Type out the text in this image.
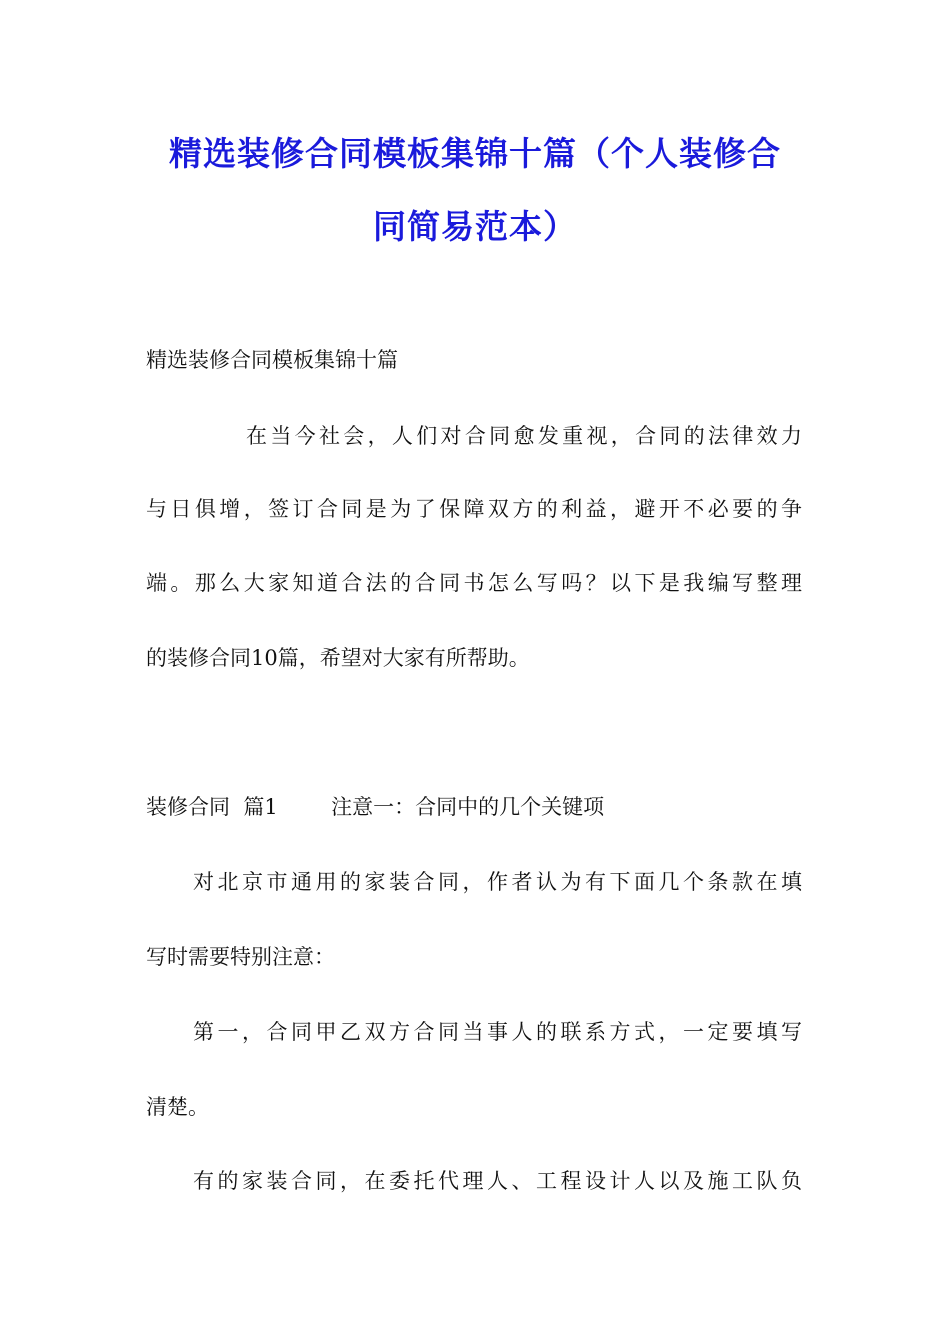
精选装修合同模板集锦十篇（个人装修合
同简易范本）
精选装修合同模板集锦十篇
在当今社会，人们对合同愈发重视，合同的法律效力
与日俱增，签订合同是为了保障双方的利益，避开不必要的争
端。那么大家知道合法的合同书怎么写吗？以下是我编写整理
的装修合同10篇，希望对大家有所帮助。
装修合同  篇1        注意一：合同中的几个关键项
对北京市通用的家装合同，作者认为有下面几个条款在填
写时需要特别注意：
第一，合同甲乙双方合同当事人的联系方式，一定要填写
清楚。
有的家装合同，在委托代理人、工程设计人以及施工队负
